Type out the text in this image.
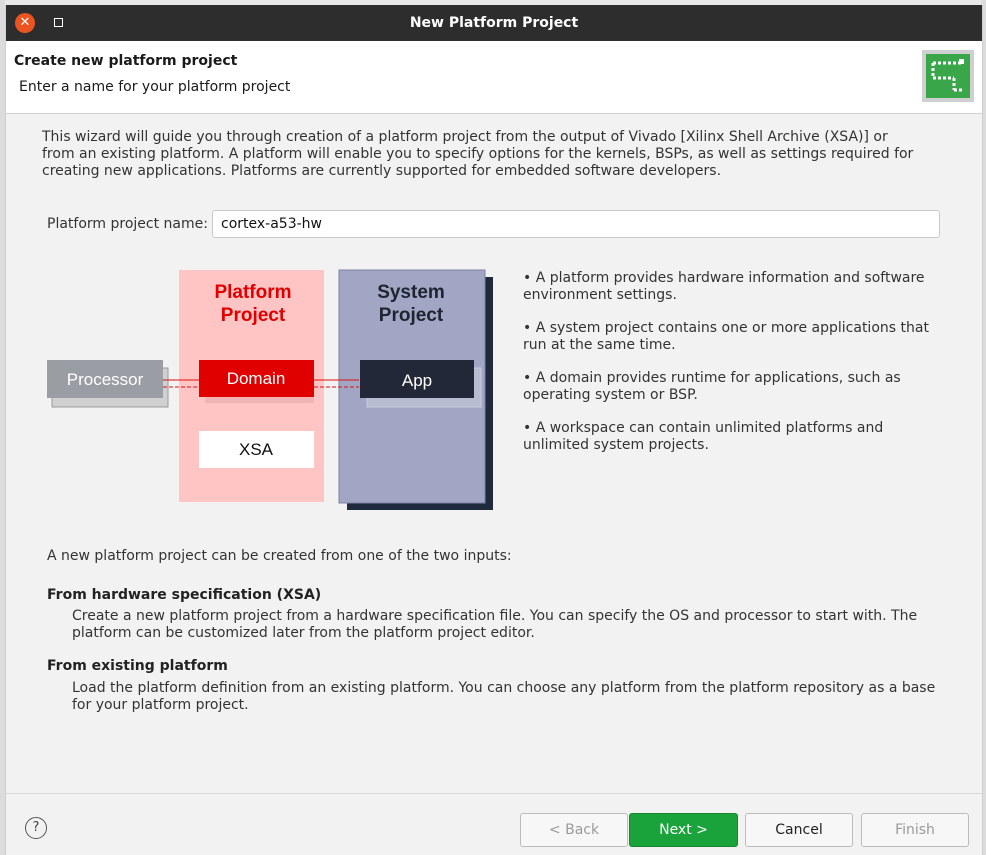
✕	New Platform Project
Create new platform project
Enter a name for your platform project
This wizard will guide you through creation of a platform project from the output of Vivado [Xilinx Shell Archive (XSA)] or from an existing platform. A platform will enable you to specify options for the kernels, BSPs, as well as settings required for creating new applications. Platforms are currently supported for embedded software developers.
Platform project name:
cortex-a53-hw
Platform
Project
System
Project
Processor	Domain
XSA
App

• A platform provides hardware information and software environment settings.

• A system project contains one or more applications that run at the same time.

• A domain provides runtime for applications, such as operating system or BSP.

• A workspace can contain unlimited platforms and unlimited system projects.

A new platform project can be created from one of the two inputs:
From hardware specification (XSA)
Create a new platform project from a hardware specification file. You can specify the OS and processor to start with. The platform can be customized later from the platform project editor.
From existing platform
Load the platform definition from an existing platform. You can choose any platform from the platform repository as a base for your platform project.
?	< Back	Next >	Cancel	Finish
